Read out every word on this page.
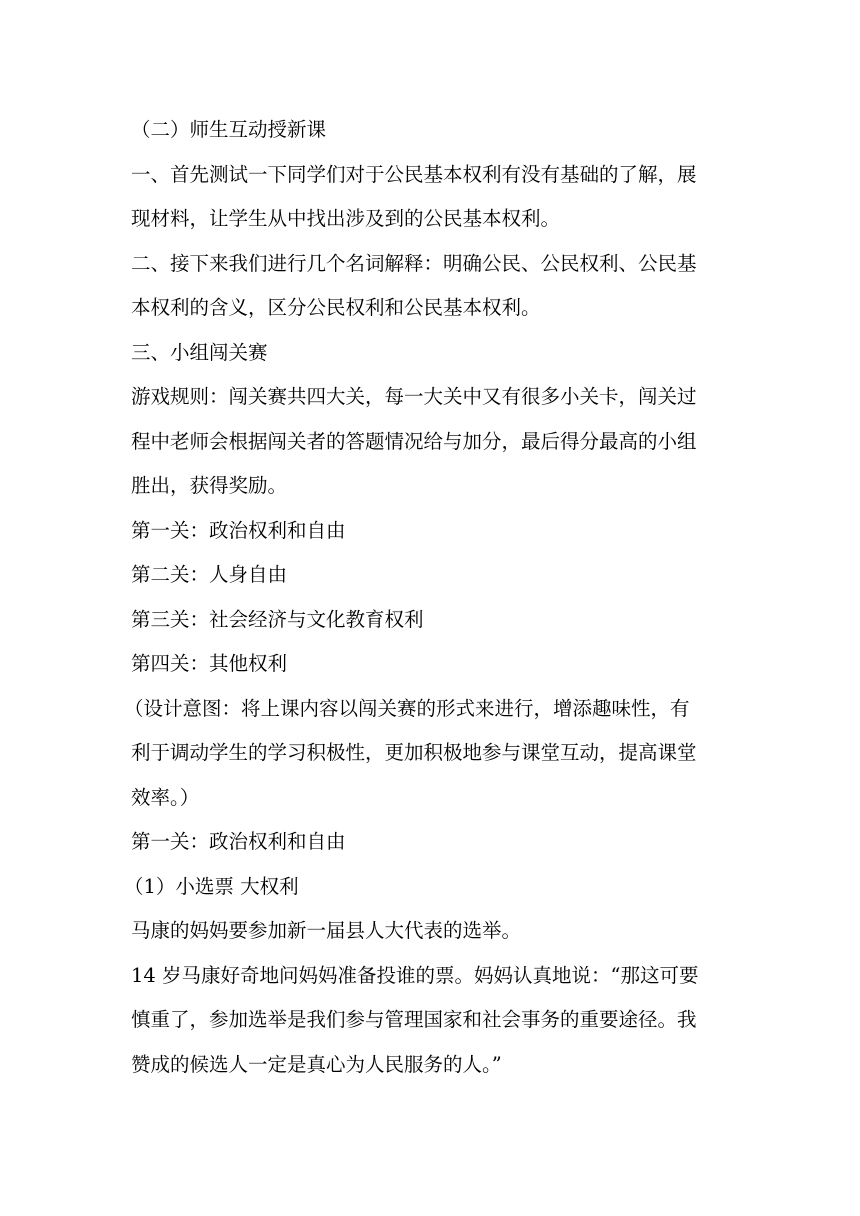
（二）师生互动授新课
一、首先测试一下同学们对于公民基本权利有没有基础的了解，展
现材料，让学生从中找出涉及到的公民基本权利。
二、接下来我们进行几个名词解释：明确公民、公民权利、公民基
本权利的含义，区分公民权利和公民基本权利。
三、小组闯关赛
游戏规则：闯关赛共四大关，每一大关中又有很多小关卡，闯关过
程中老师会根据闯关者的答题情况给与加分，最后得分最高的小组
胜出，获得奖励。
第一关：政治权利和自由
第二关：人身自由
第三关：社会经济与文化教育权利
第四关：其他权利
（设计意图：将上课内容以闯关赛的形式来进行，增添趣味性，有
利于调动学生的学习积极性，更加积极地参与课堂互动，提高课堂
效率。）
第一关：政治权利和自由
（1）小选票 大权利
马康的妈妈要参加新一届县人大代表的选举。
14 岁马康好奇地问妈妈准备投谁的票。妈妈认真地说：“那这可要
慎重了，参加选举是我们参与管理国家和社会事务的重要途径。我
赞成的候选人一定是真心为人民服务的人。”
